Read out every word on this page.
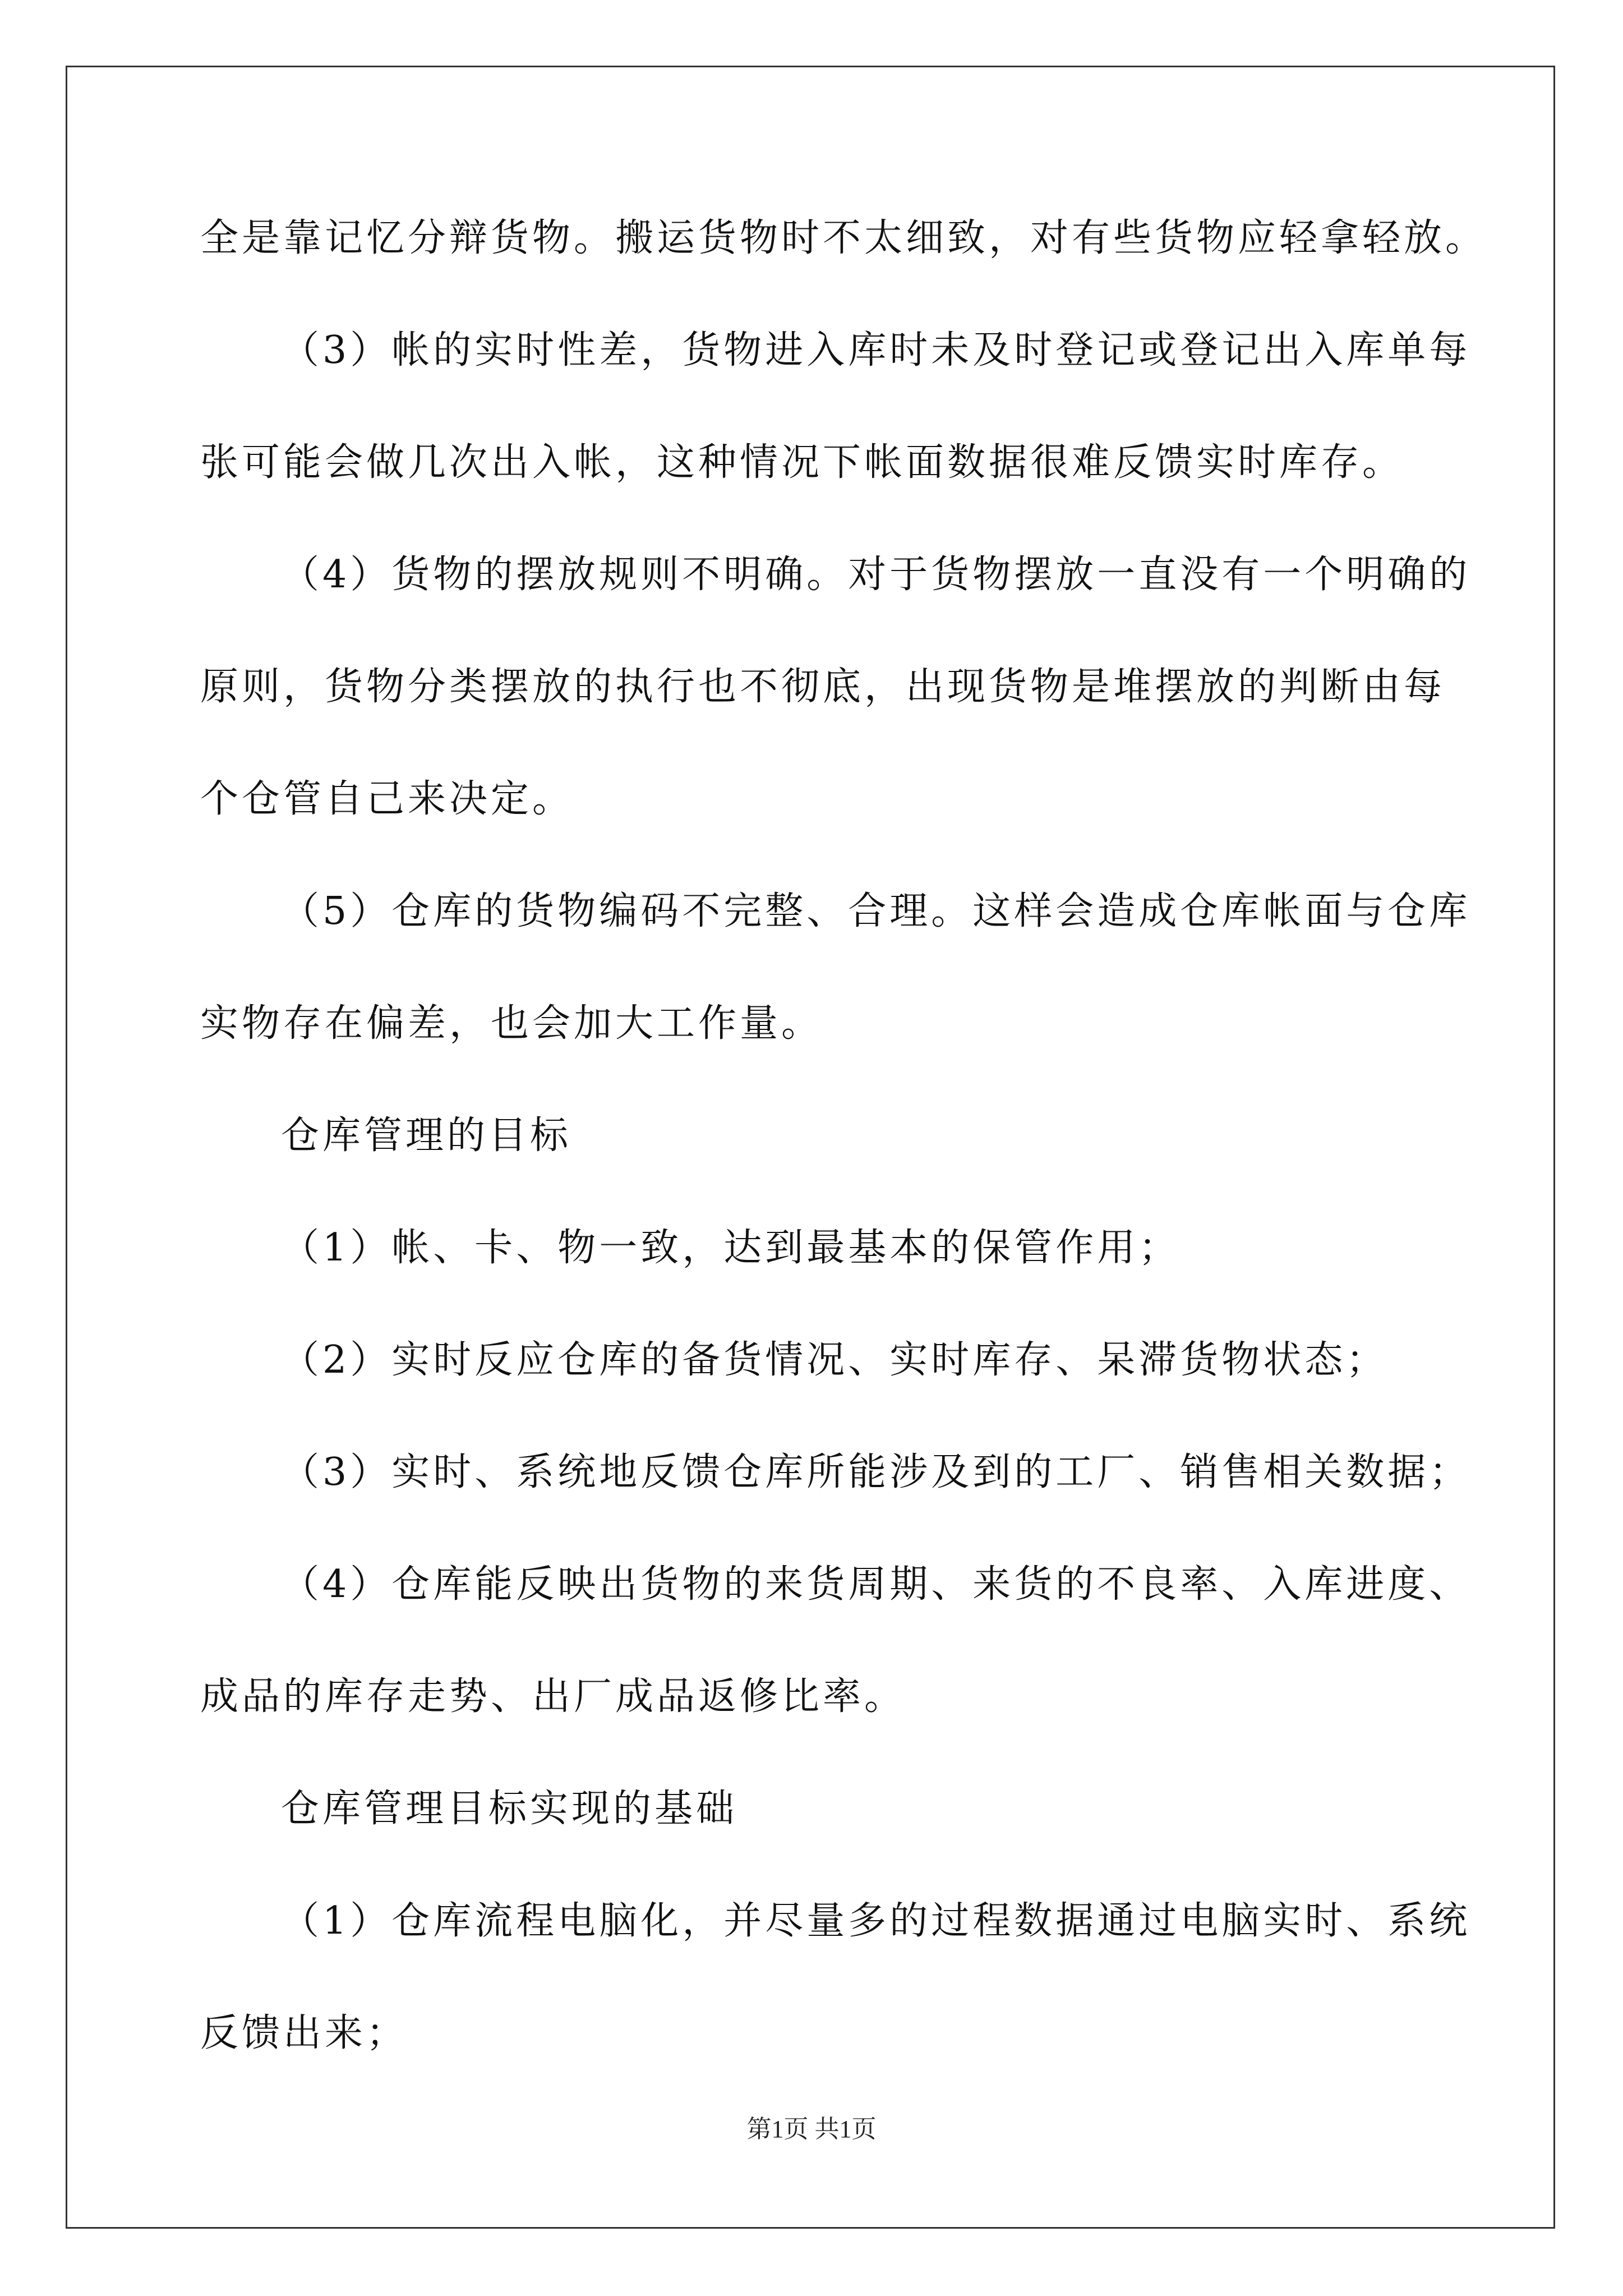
全是靠记忆分辩货物。搬运货物时不太细致，对有些货物应轻拿轻放。
（3）帐的实时性差，货物进入库时未及时登记或登记出入库单每
张可能会做几次出入帐，这种情况下帐面数据很难反馈实时库存。
（4）货物的摆放规则不明确。对于货物摆放一直没有一个明确的
原则，货物分类摆放的执行也不彻底，出现货物是堆摆放的判断由每
个仓管自己来决定。
（5）仓库的货物编码不完整、合理。这样会造成仓库帐面与仓库
实物存在偏差，也会加大工作量。
仓库管理的目标
（1）帐、卡、物一致，达到最基本的保管作用；
（2）实时反应仓库的备货情况、实时库存、呆滞货物状态；
（3）实时、系统地反馈仓库所能涉及到的工厂、销售相关数据；
（4）仓库能反映出货物的来货周期、来货的不良率、入库进度、
成品的库存走势、出厂成品返修比率。
仓库管理目标实现的基础
（1）仓库流程电脑化，并尽量多的过程数据通过电脑实时、系统
反馈出来；
第1页 共1页
